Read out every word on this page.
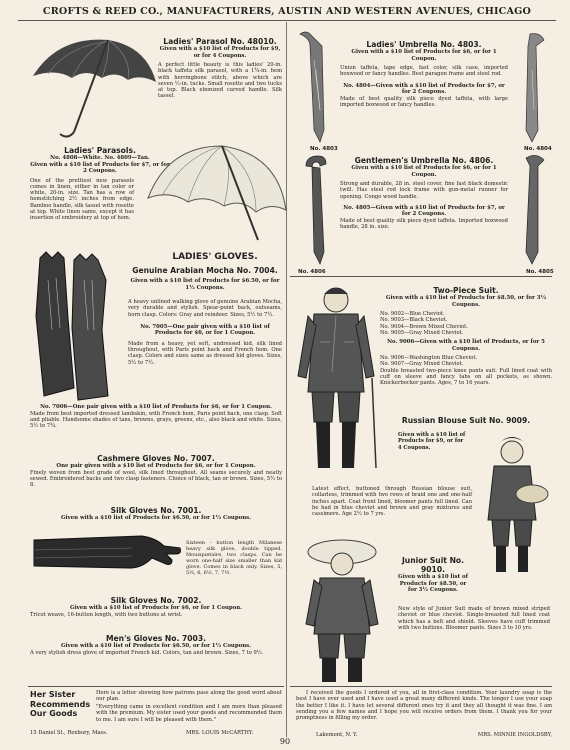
CROFTS & REED CO., MANUFACTURERS, AUSTIN AND WESTERN AVENUES, CHICAGO
Ladies' Parasol No. 48010.
Given with a $10 list of Products for $9, or for 4 Coupons.
A perfect little beauty is this ladies' 20-in. black taffeta silk parasol, with a 1¾-in. hem with herringbone stitch, above which are seven ½-in. tucks. Small rosette and two tucks at top. Black ebonized carved handle. Silk tassel.
Ladies' Parasols.
No. 4808—White. No. 4809—Tan.
Given with a $10 list of Products for $7, or for 2 Coupons.
One of the prettiest new parasols comes in linen, either in tan color or white, 20-in. size. Tan has a row of hemstitching 2½ inches from edge. Bamboo handle, silk tassel with rosette at top. White linen same, except it has insertion of embroidery at top of hem.
No. 4803	No. 4804
Ladies' Umbrella No. 4803.
Given with a $10 list of Products for $6, or for 1 Coupon.
Union taffeta, tape edge, fast color, silk case, imported boxwood or fancy handles. Best paragon frame and steel rod.
No. 4804—Given with a $10 list of Products for $7, or for 2 Coupons.
Made of best quality silk piece dyed taffeta, with large imported boxwood or fancy handles.
No. 4806	No. 4805
Gentlemen's Umbrella No. 4806.
Given with a $10 list of Products for $6, or for 1 Coupon.
Strong and durable, 28 in. steel cover, fine fast black domestic twill. Has steel rod lock frame with gun-metal runner for opening. Congo wood handle.
No. 4805—Given with a $10 list of Products for $7, or for 2 Coupons.
Made of best quality silk piece dyed taffeta. Imported boxwood handle, 28 in. size.
LADIES' GLOVES.
Genuine Arabian Mocha No. 7004.
Given with a $10 list of Products for $6.50, or for 1½ Coupons.
A heavy unlined walking glove of genuine Arabian Mocha, very durable and stylish. Spear-point back, outseams, horn clasp. Colors: Gray and reindeer. Sizes, 5½ to 7½.
No. 7005—One pair given with a $10 list of Products for $6, or for 1 Coupon.
Made from a heavy, yet soft, undressed kid, silk lined throughout, with Paris point back and French hem. One clasp. Colors and sizes same as dressed kid gloves. Sizes, 5½ to 7½.
No. 7006—One pair given with a $10 list of Products for $6, or for 1 Coupon.
Made from best imported dressed lambskin, with French hem, Paris point back, one clasp. Soft and pliable. Handsome shades of tans, browns, grays, greens, etc., also black and white. Sizes, 5½ to 7¾.
Cashmere Gloves No. 7007.
One pair given with a $10 list of Products for $6, or for 1 Coupon.
Finely woven from best grade of wool, silk lined throughout. All seams securely and neatly sewed. Embroidered backs and two clasp fasteners. Choice of black, tan or brown. Sizes, 5½ to 8.
Silk Gloves No. 7001.
Given with a $10 list of Products for $6.50, or for 1½ Coupons.
Sixteen - button length Milanese heavy silk glove, double tipped. Mousquetaire, two clasps. Can be worn one-half size smaller than kid glove. Comes in black only. Sizes, 5, 5½, 6, 6½, 7, 7½.
Silk Gloves No. 7002.
Given with a $10 list of Products for $6, or for 1 Coupon.
Tricot weave, 16-button length, with two buttons at wrist.
Men's Gloves No. 7003.
Given with a $10 list of Products for $6.50, or for 1½ Coupons.
A very stylish dress glove of imported French kid. Colors, tan and brown. Sizes, 7 to 9½.
Her Sister Recommends Our Goods
Here is a letter showing how patrons pass along the good word about our plan.
"Everything came in excellent condition and I am more than pleased with the premium. My sister used your goods and recommended them to me. I am sure I will be pleased with them."
15 Daniel St., Roxbury, Mass.	MRS. LOUIS McCARTHY.
Two-Piece Suit.
Given with a $10 list of Products for $8.50, or for 3½ Coupons.
No. 9002—Blue Cheviot.
No. 9003—Black Cheviot.
No. 9004—Brown Mixed Cheviot.
No. 9005—Gray Mixed Cheviot.
No. 9006—Given with a $10 list of Products, or for 5 Coupons.
No. 9006—Washington Blue Cheviot.
No. 9007—Gray Mixed Cheviot.
Double breasted two-piece knee pants suit. Full lined coat with cuff on sleeve and fancy tabs on all pockets, as shown. Knickerbocker pants. Ages, 7 to 16 years.
Russian Blouse Suit No. 9009.
Given with a $10 list of Products for $9, or for 4 Coupons.
Latest effect, buttoned through Russian blouse suit, collarless, trimmed with two rows of braid one and one-half inches apart. Coat front lined, bloomer pants full lined. Can be had in blue cheviot and brown and gray mixtures and cassimere. Age 2½ to 7 yrs.
Junior Suit No. 9010.
Given with a $10 list of Products for $8.50, or for 3½ Coupons.
New style of Junior Suit made of brown mixed striped cheviot or blue cheviot. Single-breasted full lined coat which has a belt and shield. Sleeves have cuff trimmed with two buttons. Bloomer pants. Sizes 3 to 10 yrs.
I received the goods I ordered of you, all in first-class condition. Your laundry soap is the best I have ever used and I have used a great many different kinds. The longer I use your soap the better I like it. I have let several different ones try it and they all thought it was fine. I am sending you a few names and I hope you will receive orders from them. I thank you for your promptness in filling my order.
Lakemont, N. Y.	MRS. MINNIE INGOLDSBY,
90
